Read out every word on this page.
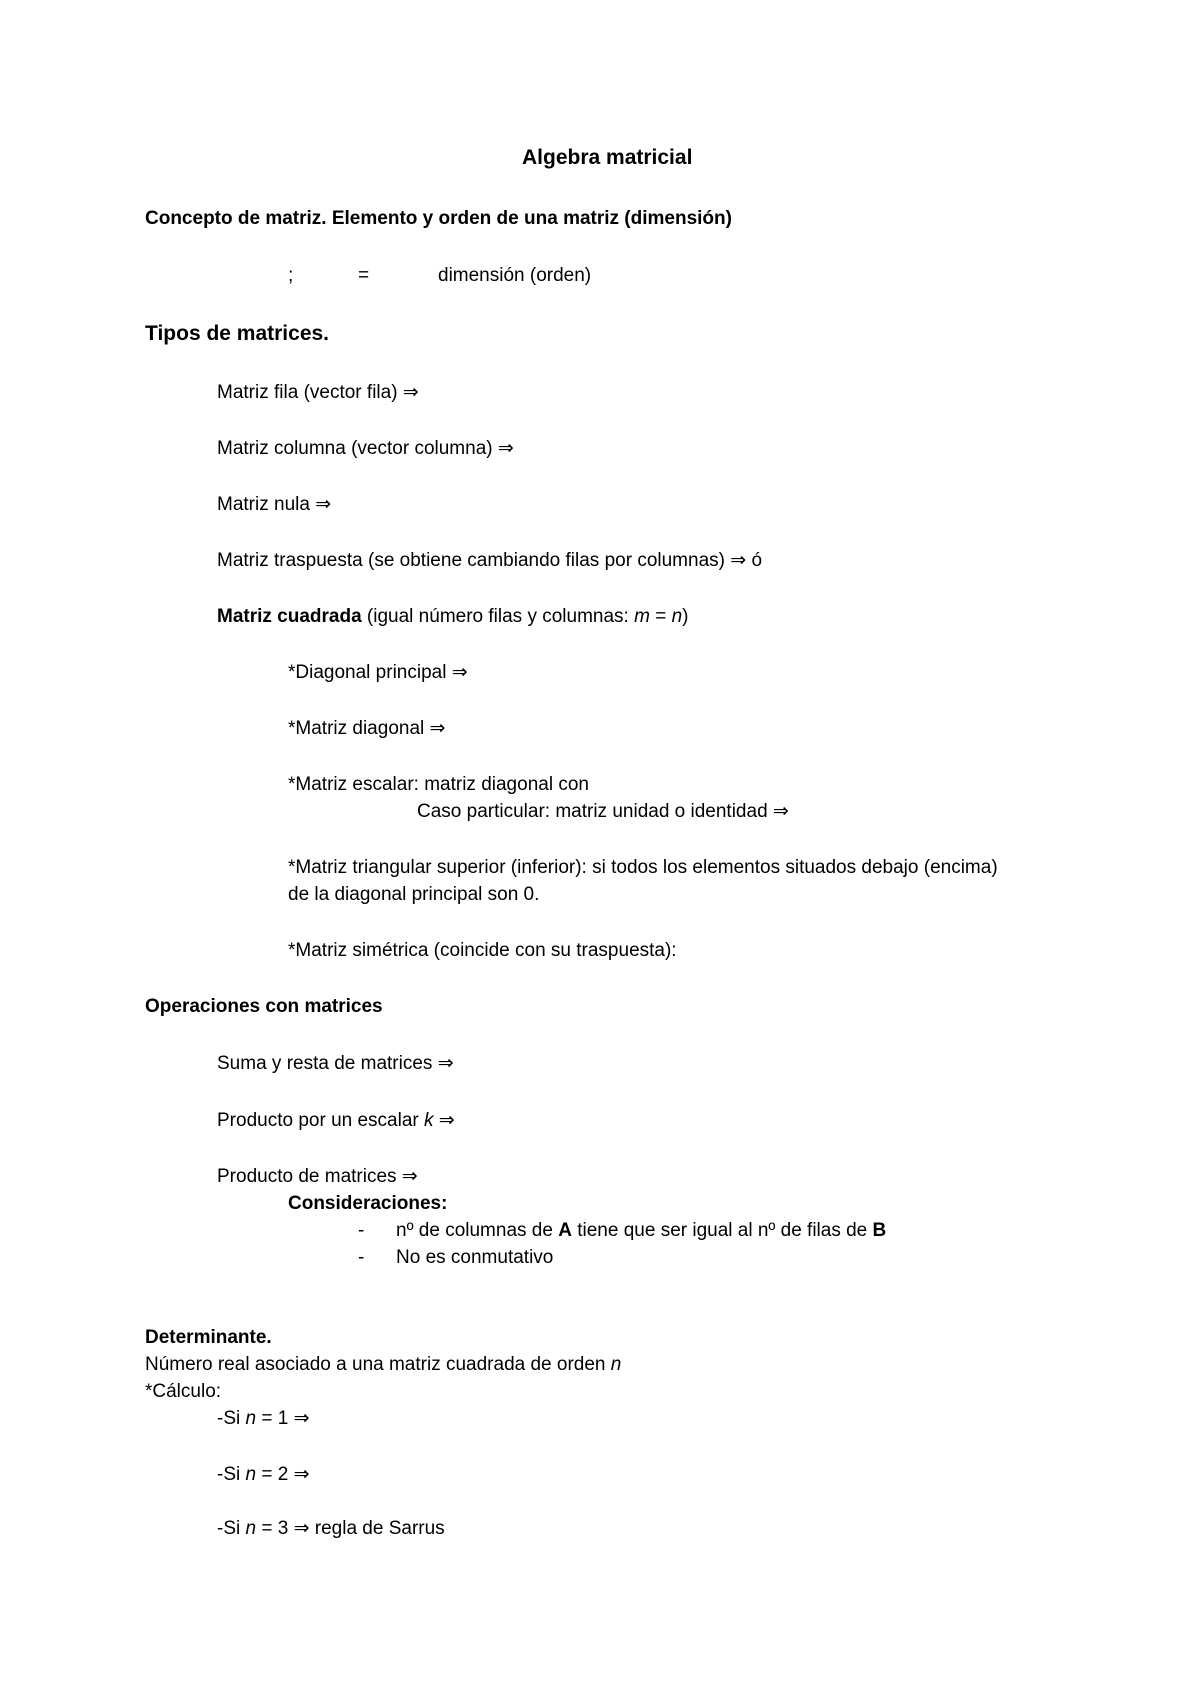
Algebra matricial
Concepto de matriz. Elemento y orden de una matriz (dimensión)
;	=	dimensión (orden)
Tipos de matrices.
Matriz fila (vector fila) ⇒
Matriz columna (vector columna) ⇒
Matriz nula ⇒
Matriz traspuesta (se obtiene cambiando filas por columnas) ⇒ ó
Matriz cuadrada (igual número filas y columnas: m = n)
*Diagonal principal ⇒
*Matriz diagonal ⇒
*Matriz escalar: matriz diagonal con
Caso particular: matriz unidad o identidad ⇒
*Matriz triangular superior (inferior): si todos los elementos situados debajo (encima)
de la diagonal principal son 0.
*Matriz simétrica (coincide con su traspuesta):
Operaciones con matrices
Suma y resta de matrices ⇒
Producto por un escalar k ⇒
Producto de matrices ⇒
Consideraciones:
- nº de columnas de A tiene que ser igual al nº de filas de B
- No es conmutativo
Determinante.
Número real asociado a una matriz cuadrada de orden n
*Cálculo:
-Si n = 1 ⇒
-Si n = 2 ⇒
-Si n = 3 ⇒ regla de Sarrus
